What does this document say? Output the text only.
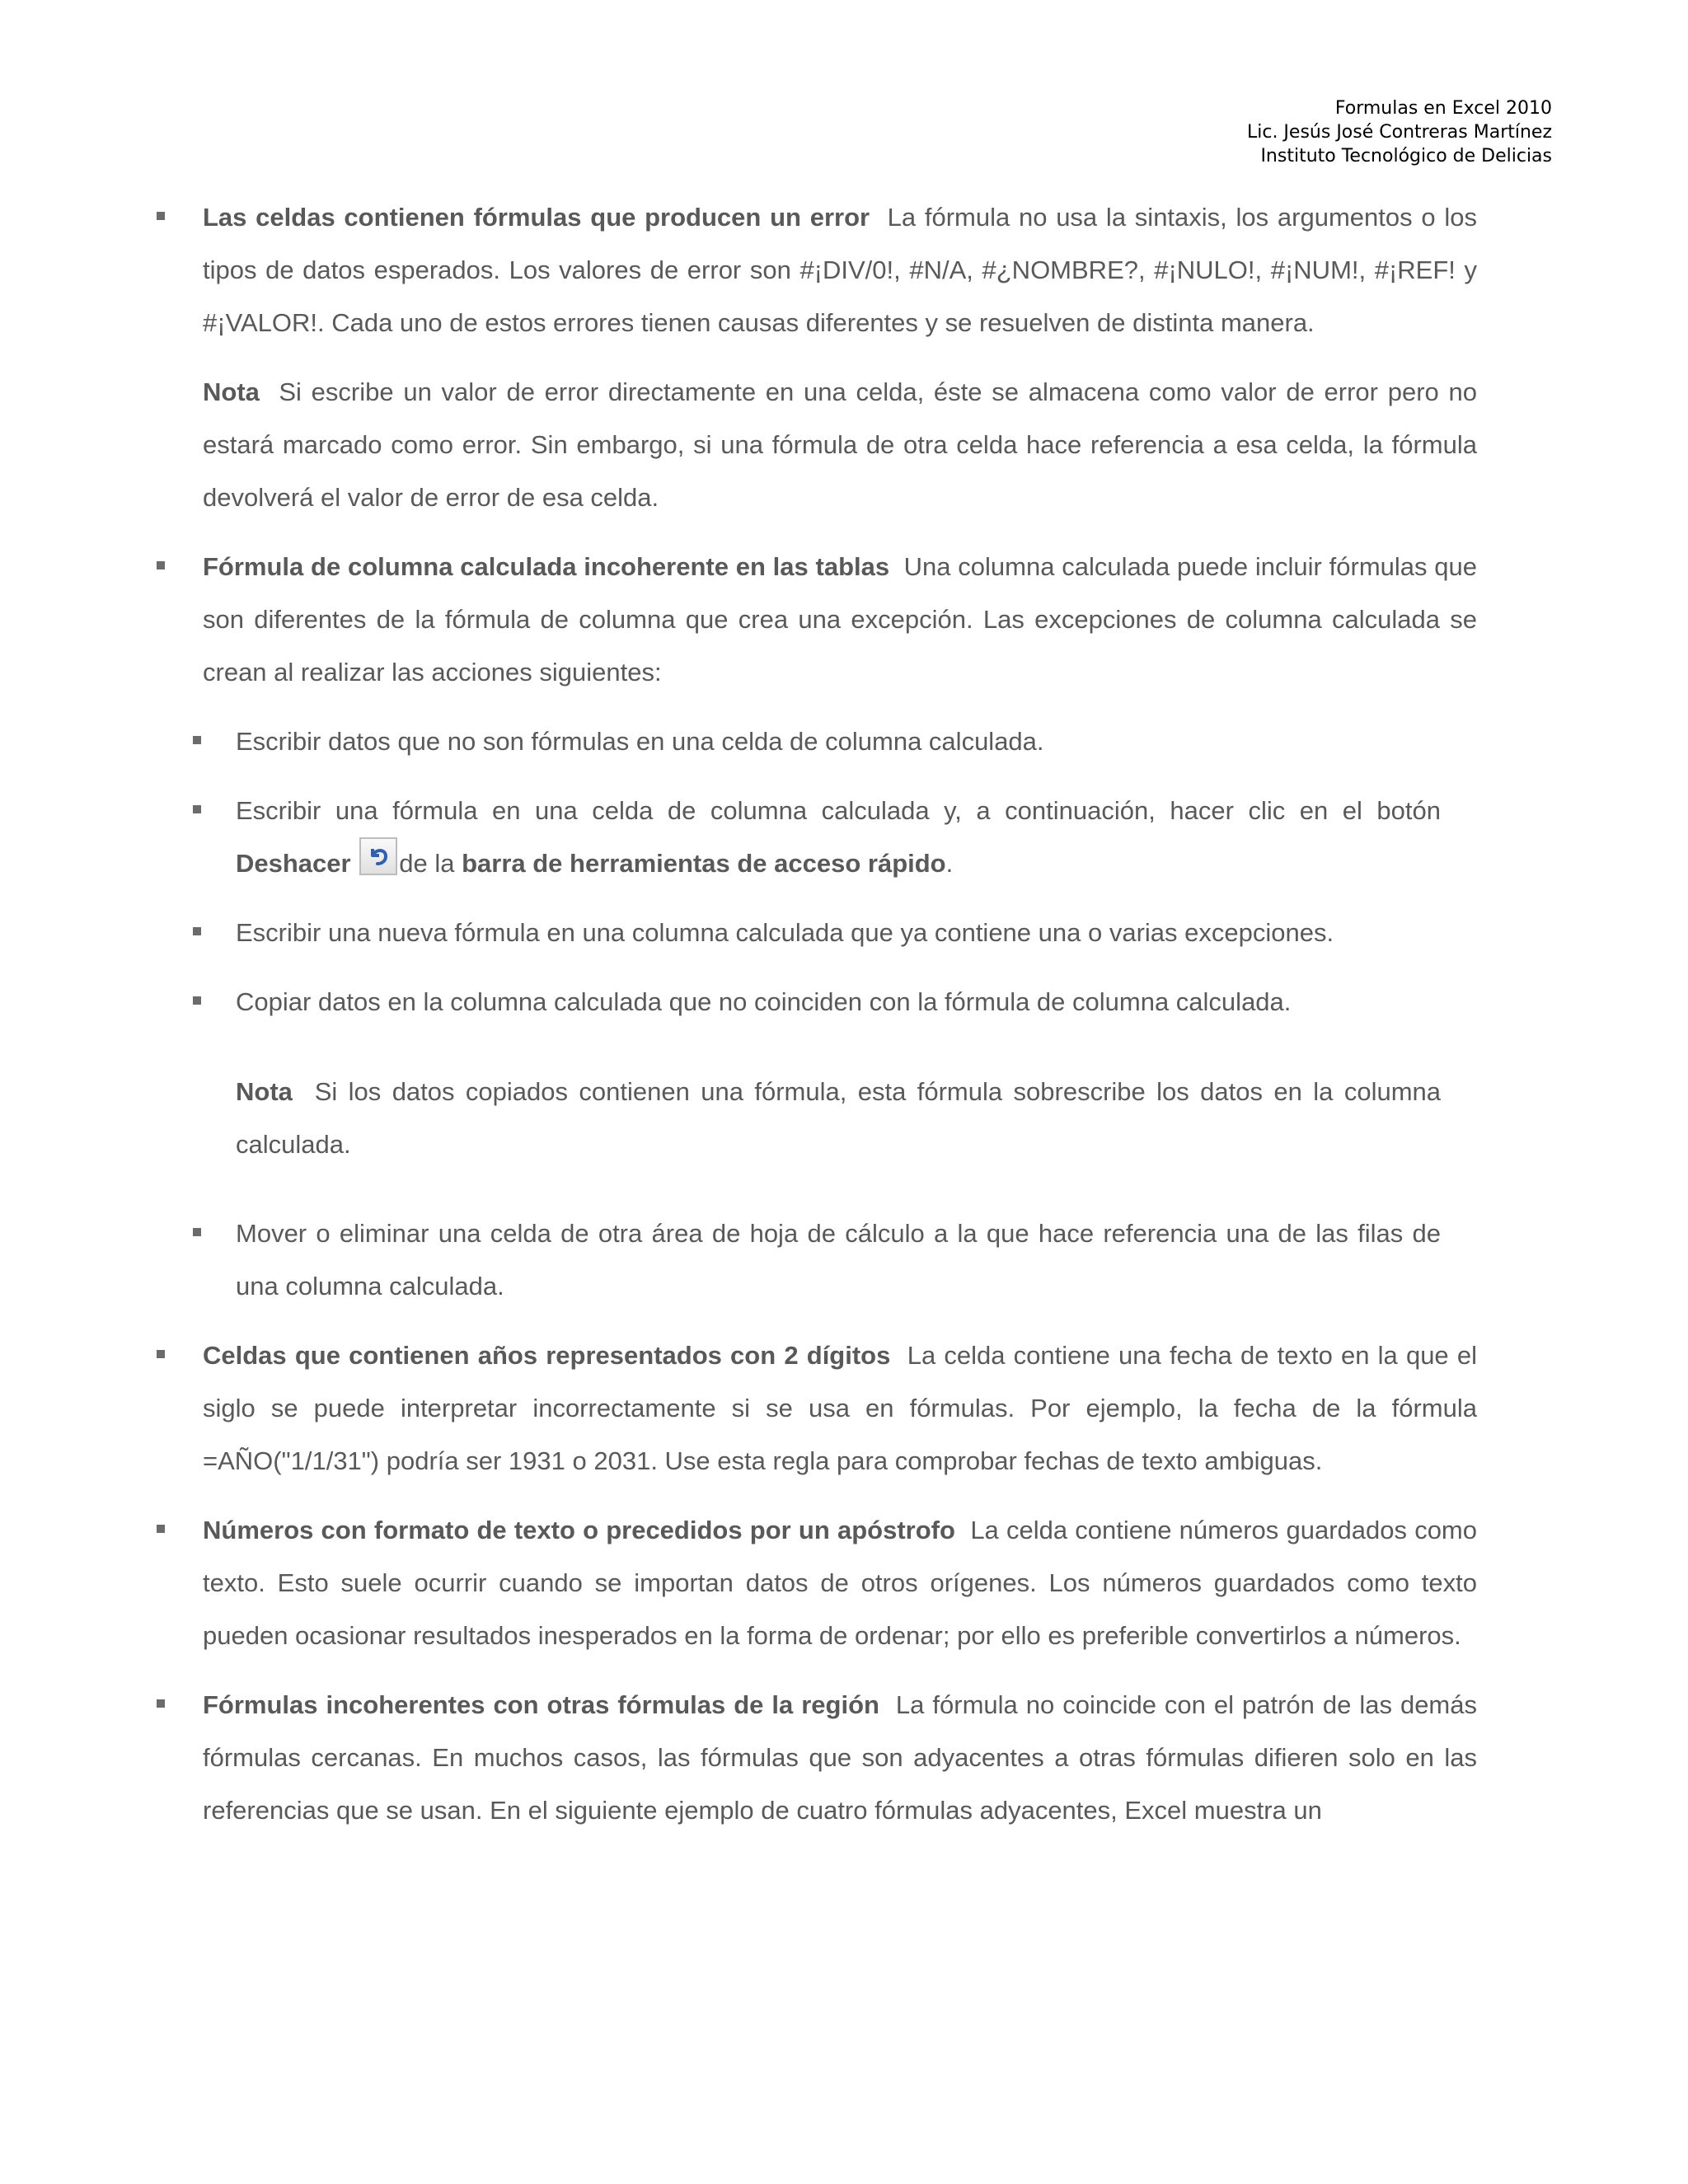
Formulas en Excel 2010
Lic. Jesús José Contreras Martínez
Instituto Tecnológico de Delicias
Las celdas contienen fórmulas que producen un error La fórmula no usa la sintaxis, los argumentos o los tipos de datos esperados. Los valores de error son #¡DIV/0!, #N/A, #¿NOMBRE?, #¡NULO!, #¡NUM!, #¡REF! y #¡VALOR!. Cada uno de estos errores tienen causas diferentes y se resuelven de distinta manera.
Nota Si escribe un valor de error directamente en una celda, éste se almacena como valor de error pero no estará marcado como error. Sin embargo, si una fórmula de otra celda hace referencia a esa celda, la fórmula devolverá el valor de error de esa celda.
Fórmula de columna calculada incoherente en las tablas Una columna calculada puede incluir fórmulas que son diferentes de la fórmula de columna que crea una excepción. Las excepciones de columna calculada se crean al realizar las acciones siguientes:
Escribir datos que no son fórmulas en una celda de columna calculada.
Escribir una fórmula en una celda de columna calculada y, a continuación, hacer clic en el botón Deshacer de la barra de herramientas de acceso rápido.
Escribir una nueva fórmula en una columna calculada que ya contiene una o varias excepciones.
Copiar datos en la columna calculada que no coinciden con la fórmula de columna calculada.
Nota Si los datos copiados contienen una fórmula, esta fórmula sobrescribe los datos en la columna calculada.
Mover o eliminar una celda de otra área de hoja de cálculo a la que hace referencia una de las filas de una columna calculada.
Celdas que contienen años representados con 2 dígitos La celda contiene una fecha de texto en la que el siglo se puede interpretar incorrectamente si se usa en fórmulas. Por ejemplo, la fecha de la fórmula =AÑO("1/1/31") podría ser 1931 o 2031. Use esta regla para comprobar fechas de texto ambiguas.
Números con formato de texto o precedidos por un apóstrofo La celda contiene números guardados como texto. Esto suele ocurrir cuando se importan datos de otros orígenes. Los números guardados como texto pueden ocasionar resultados inesperados en la forma de ordenar; por ello es preferible convertirlos a números.
Fórmulas incoherentes con otras fórmulas de la región La fórmula no coincide con el patrón de las demás fórmulas cercanas. En muchos casos, las fórmulas que son adyacentes a otras fórmulas difieren solo en las referencias que se usan. En el siguiente ejemplo de cuatro fórmulas adyacentes, Excel muestra un
